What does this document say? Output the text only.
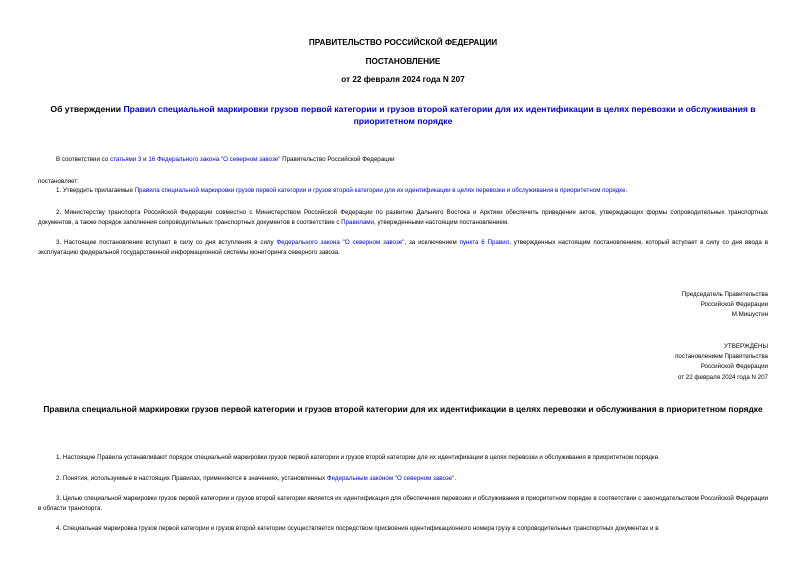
ПРАВИТЕЛЬСТВО РОССИЙСКОЙ ФЕДЕРАЦИИ
ПОСТАНОВЛЕНИЕ
от 22 февраля 2024 года N 207
Об утверждении Правил специальной маркировки грузов первой категории и грузов второй категории для их идентификации в целях перевозки и обслуживания в приоритетном порядке
В соответствии со статьями 3 и 16 Федерального закона "О северном завозе" Правительство Российской Федерации
постановляет:
1. Утвердить прилагаемые Правила специальной маркировки грузов первой категории и грузов второй категории для их идентификации в целях перевозки и обслуживания в приоритетном порядке.
2. Министерству транспорта Российской Федерации совместно с Министерством Российской Федерации по развитию Дальнего Востока и Арктики обеспечить приведение актов, утверждающих формы сопроводительных транспортных документов, а также порядок заполнения сопроводительных транспортных документов в соответствие с Правилами, утвержденными настоящим постановлением.
3. Настоящее постановление вступает в силу со дня вступления в силу Федерального закона "О северном завозе", за исключением пункта 6 Правил, утвержденных настоящим постановлением, который вступает в силу со дня ввода в эксплуатацию федеральной государственной информационной системы мониторинга северного завоза.
Председатель Правительства
Российской Федерации
М.Мишустин
УТВЕРЖДЕНЫ
постановлением Правительства
Российской Федерации
от 22 февраля 2024 года N 207
Правила специальной маркировки грузов первой категории и грузов второй категории для их идентификации в целях перевозки и обслуживания в приоритетном порядке
1. Настоящие Правила устанавливают порядок специальной маркировки грузов первой категории и грузов второй категории для их идентификации в целях перевозки и обслуживания в приоритетном порядке.
2. Понятия, используемые в настоящих Правилах, применяются в значениях, установленных Федеральным законом "О северном завозе".
3. Целью специальной маркировки грузов первой категории и грузов второй категории является их идентификация для обеспечения перевозки и обслуживания в приоритетном порядке в соответствии с законодательством Российской Федерации в области транспорта.
4. Специальная маркировка грузов первой категории и грузов второй категории осуществляется посредством присвоения идентификационного номера грузу в сопроводительных транспортных документах и в
